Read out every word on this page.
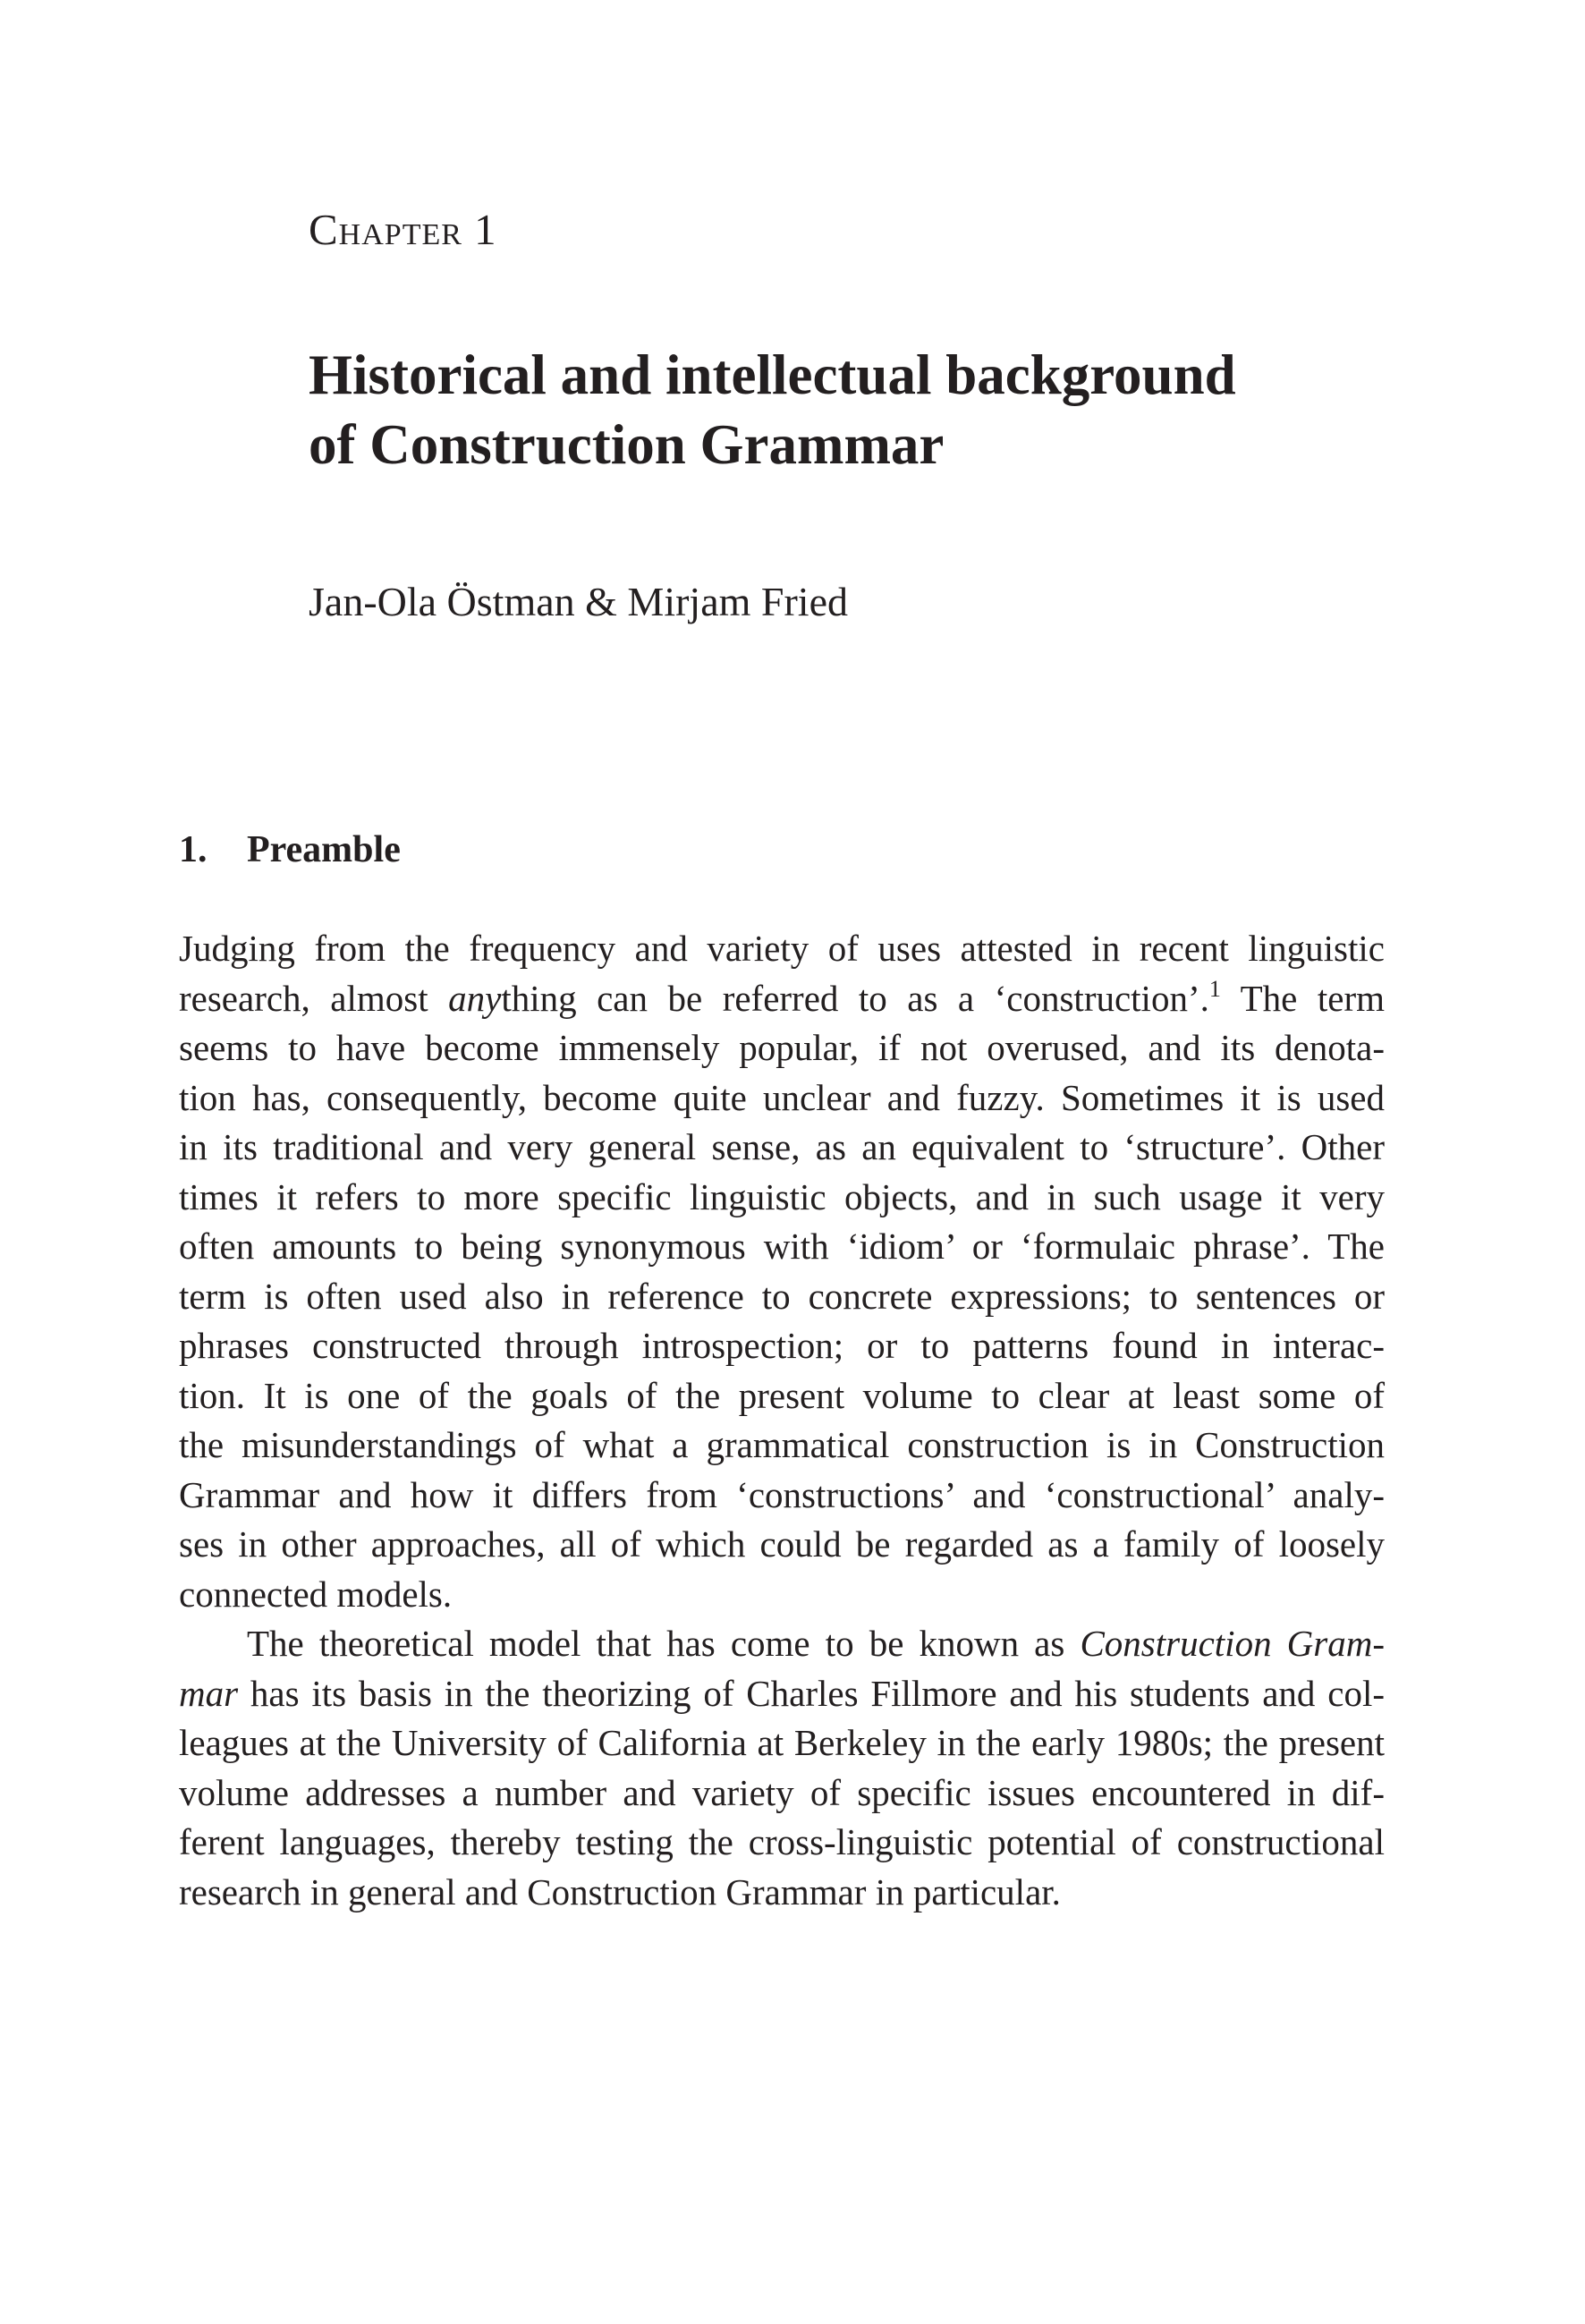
Chapter 1
Historical and intellectual background
of Construction Grammar
Jan-Ola Östman & Mirjam Fried
1. Preamble
Judging from the frequency and variety of uses attested in recent linguistic
research, almost anything can be referred to as a ‘construction’.$^1$ The term
seems to have become immensely popular, if not overused, and its denota-
tion has, consequently, become quite unclear and fuzzy. Sometimes it is used
in its traditional and very general sense, as an equivalent to ‘structure’. Other
times it refers to more specific linguistic objects, and in such usage it very
often amounts to being synonymous with ‘idiom’ or ‘formulaic phrase’. The
term is often used also in reference to concrete expressions; to sentences or
phrases constructed through introspection; or to patterns found in interac-
tion. It is one of the goals of the present volume to clear at least some of
the misunderstandings of what a grammatical construction is in Construction
Grammar and how it differs from ‘constructions’ and ‘constructional’ analy-
ses in other approaches, all of which could be regarded as a family of loosely
connected models.
The theoretical model that has come to be known as Construction Gram-
mar has its basis in the theorizing of Charles Fillmore and his students and col-
leagues at the University of California at Berkeley in the early 1980s; the present
volume addresses a number and variety of specific issues encountered in dif-
ferent languages, thereby testing the cross-linguistic potential of constructional
research in general and Construction Grammar in particular.
